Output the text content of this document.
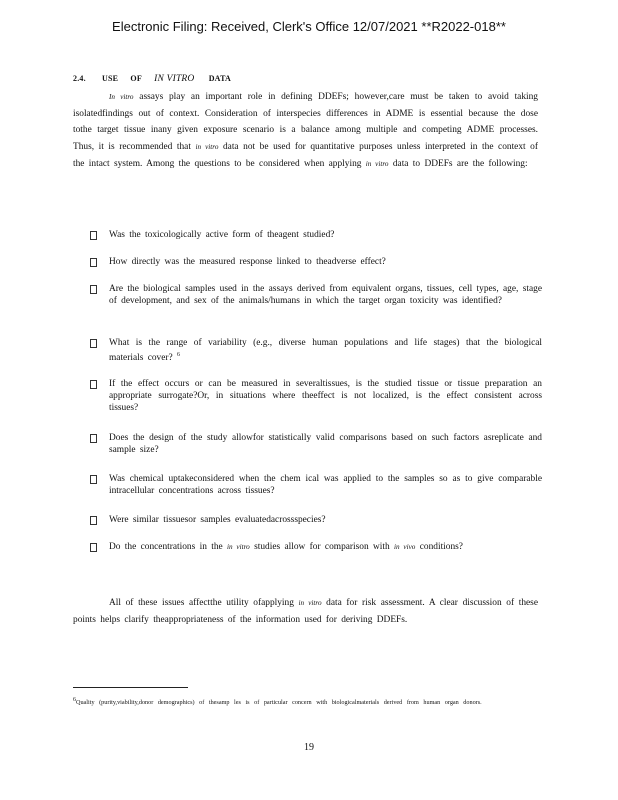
Electronic Filing: Received, Clerk's Office 12/07/2021 **R2022-018**
2.4. USE OF IN VITRO DATA
In vitro assays play an important role in defining DDEFs; however,care must be taken to avoid taking isolatedfindings out of context. Consideration of interspecies differences in ADME is essential because the dose tothe target tissue inany given exposure scenario is a balance among multiple and competing ADME processes. Thus, it is recommended that in vitro data not be used for quantitative purposes unless interpreted in the context of the intact system. Among the questions to be considered when applying in vitro data to DDEFs are the following:
Was the toxicologically active form of theagent studied?
How directly was the measured response linked to theadverse effect?
Are the biological samples used in the assays derived from equivalent organs, tissues, cell types, age, stage of development, and sex of the animals/humans in which the target organ toxicity was identified?
What is the range of variability (e.g., diverse human populations and life stages) that the biological materials cover? $^6$
If the effect occurs or can be measured in severaltissues, is the studied tissue or tissue preparation an appropriate surrogate?Or, in situations where theeffect is not localized, is the effect consistent across tissues?
Does the design of the study allowfor statistically valid comparisons based on such factors asreplicate and sample size?
Was chemical uptakeconsidered when the chem ical was applied to the samples so as to give comparable intracellular concentrations across tissues?
Were similar tissuesor samples evaluatedacrossspecies?
Do the concentrations in the in vitro studies allow for comparison with in vivo conditions?
All of these issues affectthe utility ofapplying in vitro data for risk assessment. A clear discussion of these points helps clarify theappropriateness of the information used for deriving DDEFs.
6Quality (purity,viability,donor demographics) of thesamp les is of particular concern with biologicalmaterials derived from human organ donors.
19
